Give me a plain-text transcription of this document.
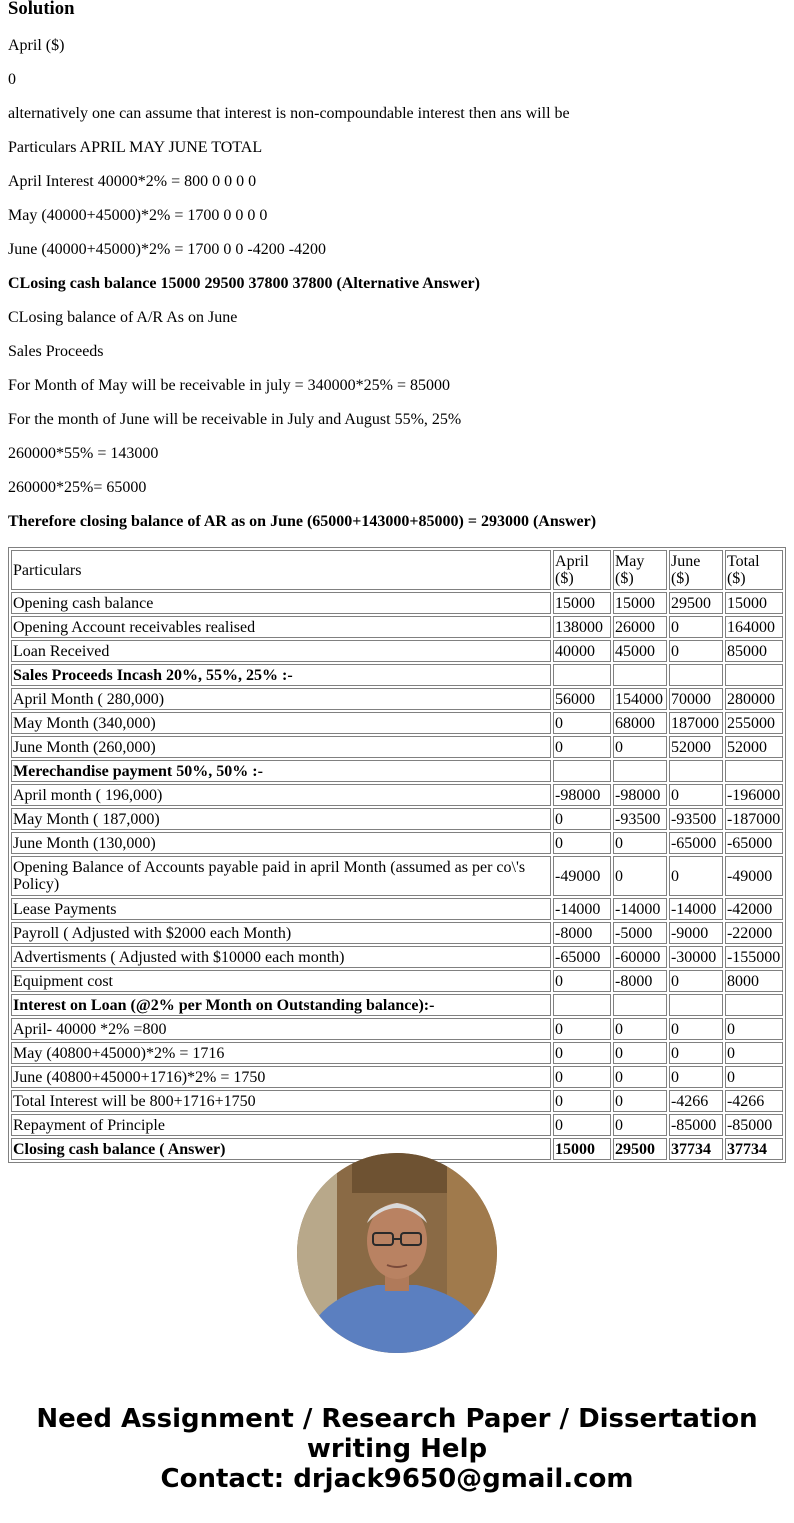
Solution

April ($)

0

alternatively one can assume that interest is non-compoundable interest then ans will be

Particulars APRIL MAY JUNE TOTAL

April Interest 40000*2% = 800 0 0 0 0

May (40000+45000)*2% = 1700 0 0 0 0

June (40000+45000)*2% = 1700 0 0 -4200 -4200

CLosing cash balance 15000 29500 37800 37800 (Alternative Answer)

CLosing balance of A/R As on June

Sales Proceeds

For Month of May will be receivable in july = 340000*25% = 85000

For the month of June will be receivable in July and August 55%, 25%

260000*55% = 143000

260000*25%= 65000

Therefore closing balance of AR as on June (65000+143000+85000) = 293000 (Answer)

Particulars	April ($)	May ($)	June ($)	Total ($)
Opening cash balance	15000	15000	29500	15000
Opening Account receivables realised	138000	26000	0	164000
Loan Received	40000	45000	0	85000
Sales Proceeds Incash 20%, 55%, 25% :-				
April Month ( 280,000)	56000	154000	70000	280000
May Month (340,000)	0	68000	187000	255000
June Month (260,000)	0	0	52000	52000
Merechandise payment 50%, 50% :-				
April month ( 196,000)	-98000	-98000	0	-196000
May Month ( 187,000)	0	-93500	-93500	-187000
June Month (130,000)	0	0	-65000	-65000
Opening Balance of Accounts payable paid in april Month (assumed as per co\'s Policy)	-49000	0	0	-49000
Lease Payments	-14000	-14000	-14000	-42000
Payroll ( Adjusted with $2000 each Month)	-8000	-5000	-9000	-22000
Advertisments ( Adjusted with $10000 each month)	-65000	-60000	-30000	-155000
Equipment cost	0	-8000	0	8000
Interest on Loan (@2% per Month on Outstanding balance):-				
April- 40000 *2% =800	0	0	0	0
May (40800+45000)*2% = 1716	0	0	0	0
June (40800+45000+1716)*2% = 1750	0	0	0	0
Total Interest will be 800+1716+1750	0	0	-4266	-4266
Repayment of Principle	0	0	-85000	-85000
Closing cash balance ( Answer)	15000	29500	37734	37734
Need Assignment / Research Paper / Dissertation
writing Help
Contact: drjack9650@gmail.com
